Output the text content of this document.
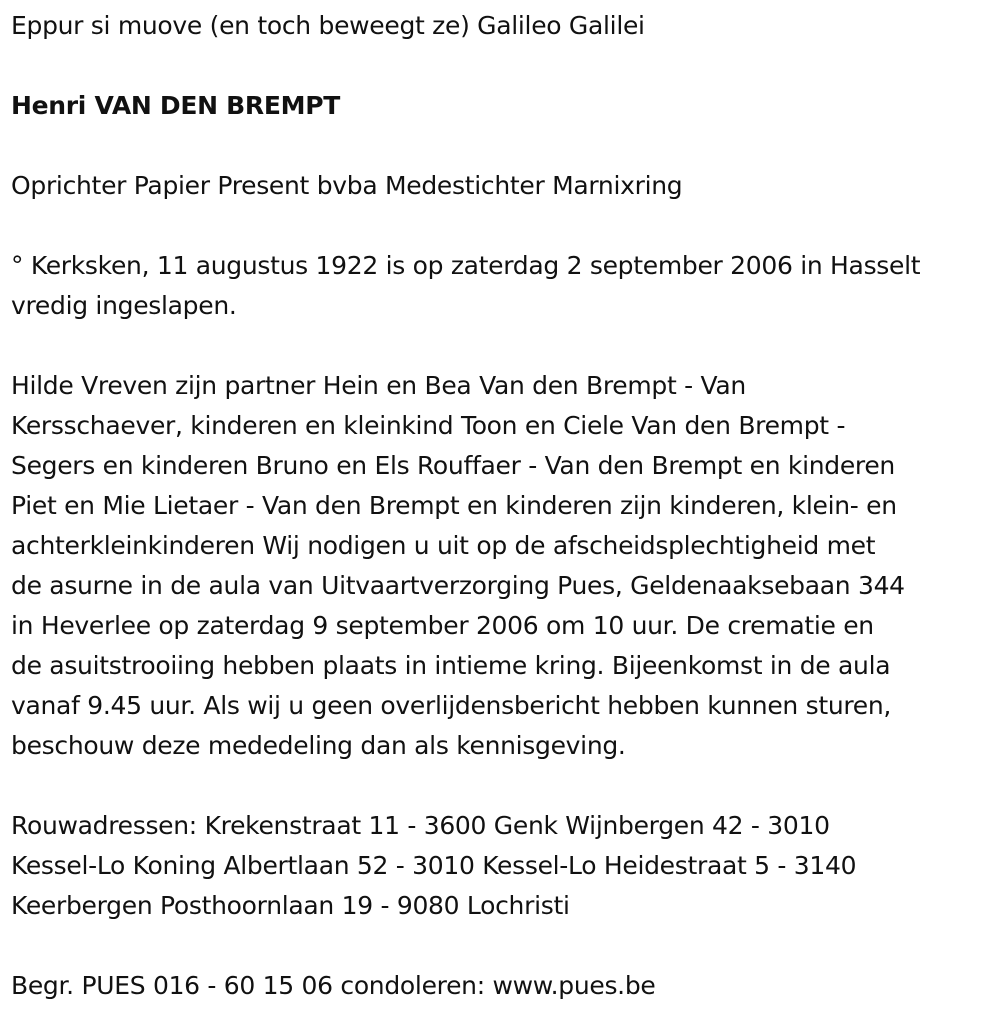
Eppur si muove (en toch beweegt ze) Galileo Galilei

Henri VAN DEN BREMPT

Oprichter Papier Present bvba Medestichter Marnixring

° Kerksken, 11 augustus 1922 is op zaterdag 2 september 2006 in Hasselt
vredig ingeslapen.

Hilde Vreven zijn partner Hein en Bea Van den Brempt - Van
Kersschaever, kinderen en kleinkind Toon en Ciele Van den Brempt -
Segers en kinderen Bruno en Els Rouffaer - Van den Brempt en kinderen
Piet en Mie Lietaer - Van den Brempt en kinderen zijn kinderen, klein- en
achterkleinkinderen Wij nodigen u uit op de afscheidsplechtigheid met
de asurne in de aula van Uitvaartverzorging Pues, Geldenaaksebaan 344
in Heverlee op zaterdag 9 september 2006 om 10 uur. De crematie en
de asuitstrooiing hebben plaats in intieme kring. Bijeenkomst in de aula
vanaf 9.45 uur. Als wij u geen overlijdensbericht hebben kunnen sturen,
beschouw deze mededeling dan als kennisgeving.

Rouwadressen: Krekenstraat 11 - 3600 Genk Wijnbergen 42 - 3010
Kessel-Lo Koning Albertlaan 52 - 3010 Kessel-Lo Heidestraat 5 - 3140
Keerbergen Posthoornlaan 19 - 9080 Lochristi

Begr. PUES 016 - 60 15 06 condoleren: www.pues.be
